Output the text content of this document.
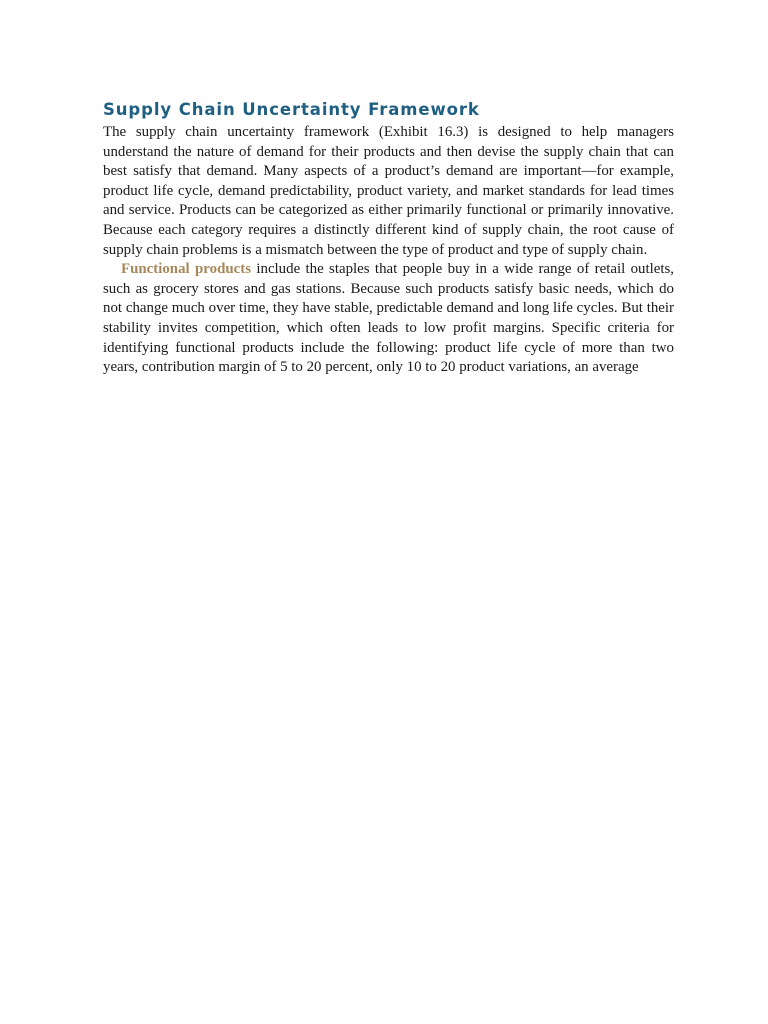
Supply Chain Uncertainty Framework

The supply chain uncertainty framework (Exhibit 16.3) is designed to help managers understand the nature of demand for their products and then devise the supply chain that can best satisfy that demand. Many aspects of a product’s demand are important—for example, product life cycle, demand predictability, product variety, and market standards for lead times and service. Products can be categorized as either primarily functional or primarily innovative. Because each category requires a distinctly different kind of supply chain, the root cause of supply chain problems is a mismatch between the type of product and type of supply chain.

Functional products include the staples that people buy in a wide range of retail outlets, such as grocery stores and gas stations. Because such products satisfy basic needs, which do not change much over time, they have stable, predictable demand and long life cycles. But their stability invites competition, which often leads to low profit margins. Specific criteria for identifying functional products include the following: product life cycle of more than two years, contribution margin of 5 to 20 percent, only 10 to 20 product variations, an average
